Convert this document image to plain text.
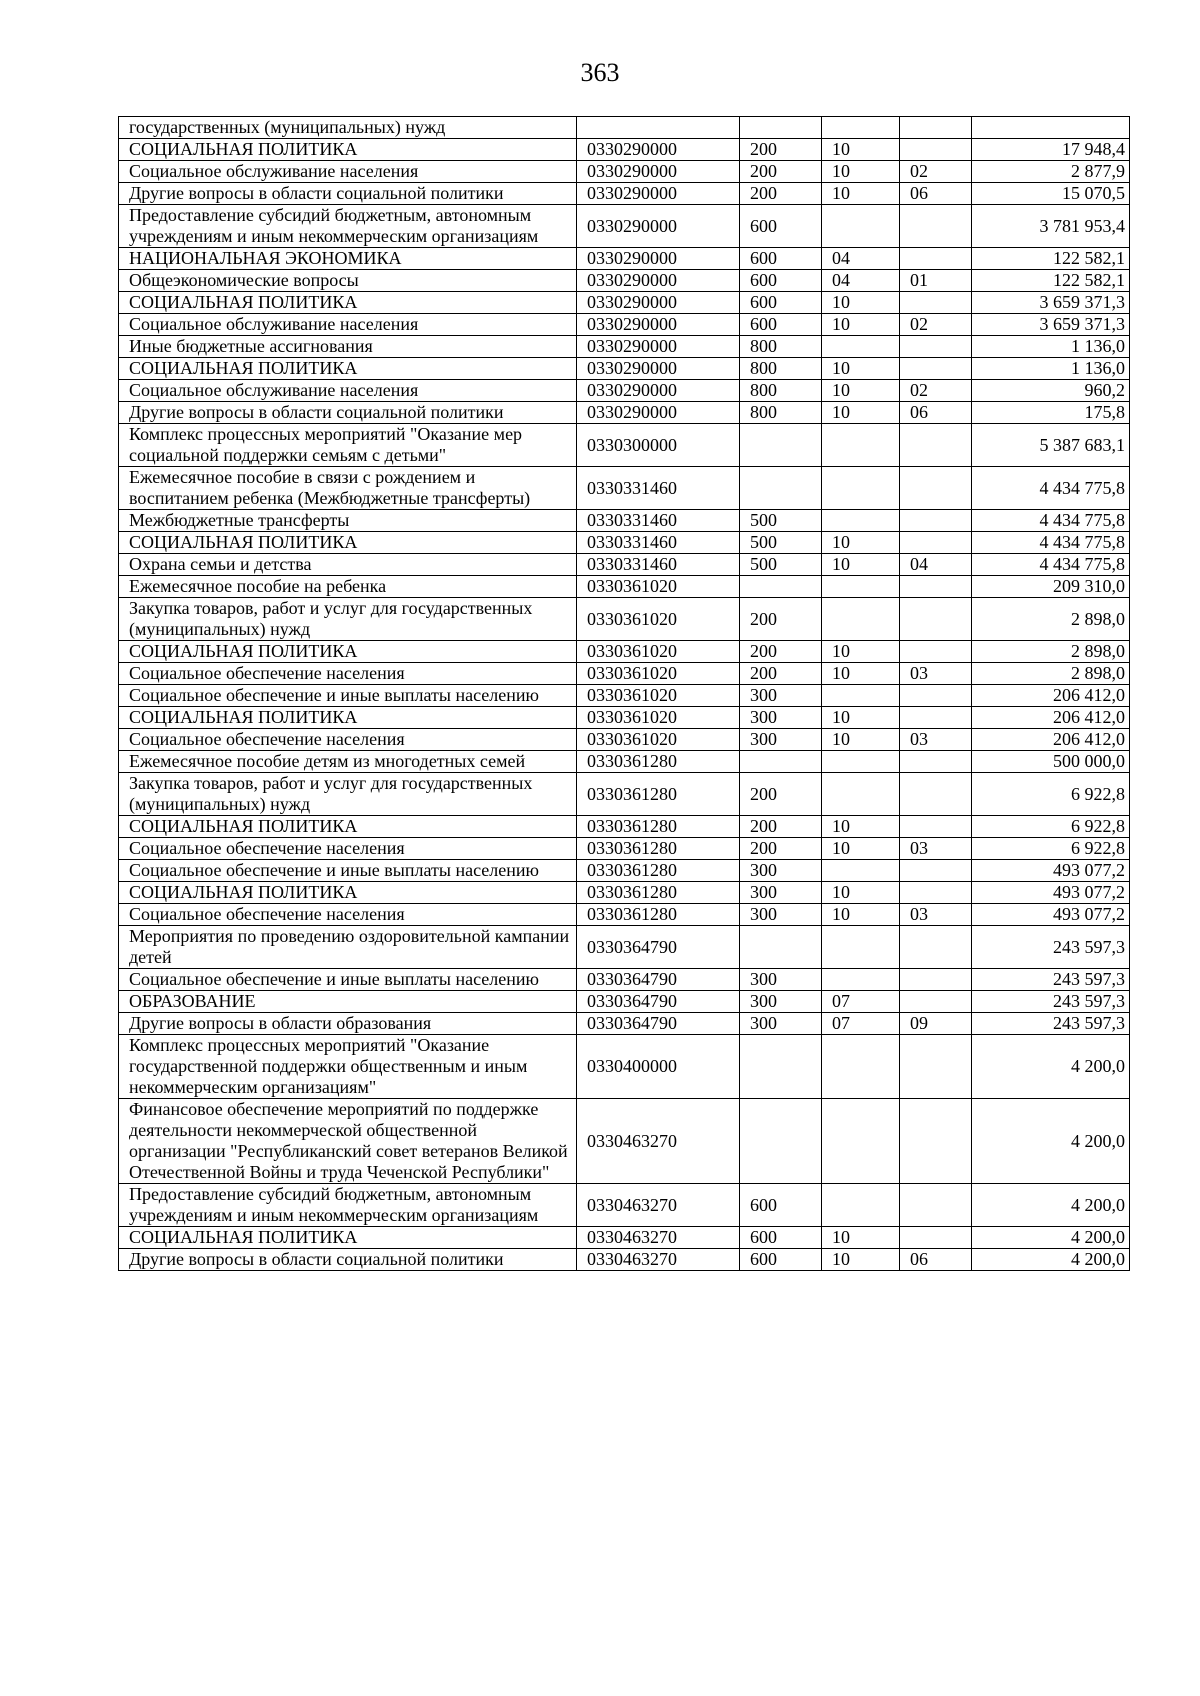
363
государственных (муниципальных) нужд					
СОЦИАЛЬНАЯ ПОЛИТИКА	0330290000	200	10		17 948,4
Социальное обслуживание населения	0330290000	200	10	02	2 877,9
Другие вопросы в области социальной политики	0330290000	200	10	06	15 070,5
Предоставление субсидий бюджетным, автономным учреждениям и иным некоммерческим организациям	0330290000	600			3 781 953,4
НАЦИОНАЛЬНАЯ ЭКОНОМИКА	0330290000	600	04		122 582,1
Общеэкономические вопросы	0330290000	600	04	01	122 582,1
СОЦИАЛЬНАЯ ПОЛИТИКА	0330290000	600	10		3 659 371,3
Социальное обслуживание населения	0330290000	600	10	02	3 659 371,3
Иные бюджетные ассигнования	0330290000	800			1 136,0
СОЦИАЛЬНАЯ ПОЛИТИКА	0330290000	800	10		1 136,0
Социальное обслуживание населения	0330290000	800	10	02	960,2
Другие вопросы в области социальной политики	0330290000	800	10	06	175,8
Комплекс процессных мероприятий "Оказание мер социальной поддержки семьям с детьми"	0330300000				5 387 683,1
Ежемесячное пособие в связи с рождением и воспитанием ребенка (Межбюджетные трансферты)	0330331460				4 434 775,8
Межбюджетные трансферты	0330331460	500			4 434 775,8
СОЦИАЛЬНАЯ ПОЛИТИКА	0330331460	500	10		4 434 775,8
Охрана семьи и детства	0330331460	500	10	04	4 434 775,8
Ежемесячное пособие на ребенка	0330361020				209 310,0
Закупка товаров, работ и услуг для государственных (муниципальных) нужд	0330361020	200			2 898,0
СОЦИАЛЬНАЯ ПОЛИТИКА	0330361020	200	10		2 898,0
Социальное обеспечение населения	0330361020	200	10	03	2 898,0
Социальное обеспечение и иные выплаты населению	0330361020	300			206 412,0
СОЦИАЛЬНАЯ ПОЛИТИКА	0330361020	300	10		206 412,0
Социальное обеспечение населения	0330361020	300	10	03	206 412,0
Ежемесячное пособие детям из многодетных семей	0330361280				500 000,0
Закупка товаров, работ и услуг для государственных (муниципальных) нужд	0330361280	200			6 922,8
СОЦИАЛЬНАЯ ПОЛИТИКА	0330361280	200	10		6 922,8
Социальное обеспечение населения	0330361280	200	10	03	6 922,8
Социальное обеспечение и иные выплаты населению	0330361280	300			493 077,2
СОЦИАЛЬНАЯ ПОЛИТИКА	0330361280	300	10		493 077,2
Социальное обеспечение населения	0330361280	300	10	03	493 077,2
Мероприятия по проведению оздоровительной кампании детей	0330364790				243 597,3
Социальное обеспечение и иные выплаты населению	0330364790	300			243 597,3
ОБРАЗОВАНИЕ	0330364790	300	07		243 597,3
Другие вопросы в области образования	0330364790	300	07	09	243 597,3
Комплекс процессных мероприятий "Оказание государственной поддержки общественным и иным некоммерческим организациям"	0330400000				4 200,0
Финансовое обеспечение мероприятий по поддержке деятельности некоммерческой общественной организации "Республиканский совет ветеранов Великой Отечественной Войны и труда Чеченской Республики"	0330463270				4 200,0
Предоставление субсидий бюджетным, автономным учреждениям и иным некоммерческим организациям	0330463270	600			4 200,0
СОЦИАЛЬНАЯ ПОЛИТИКА	0330463270	600	10		4 200,0
Другие вопросы в области социальной политики	0330463270	600	10	06	4 200,0
